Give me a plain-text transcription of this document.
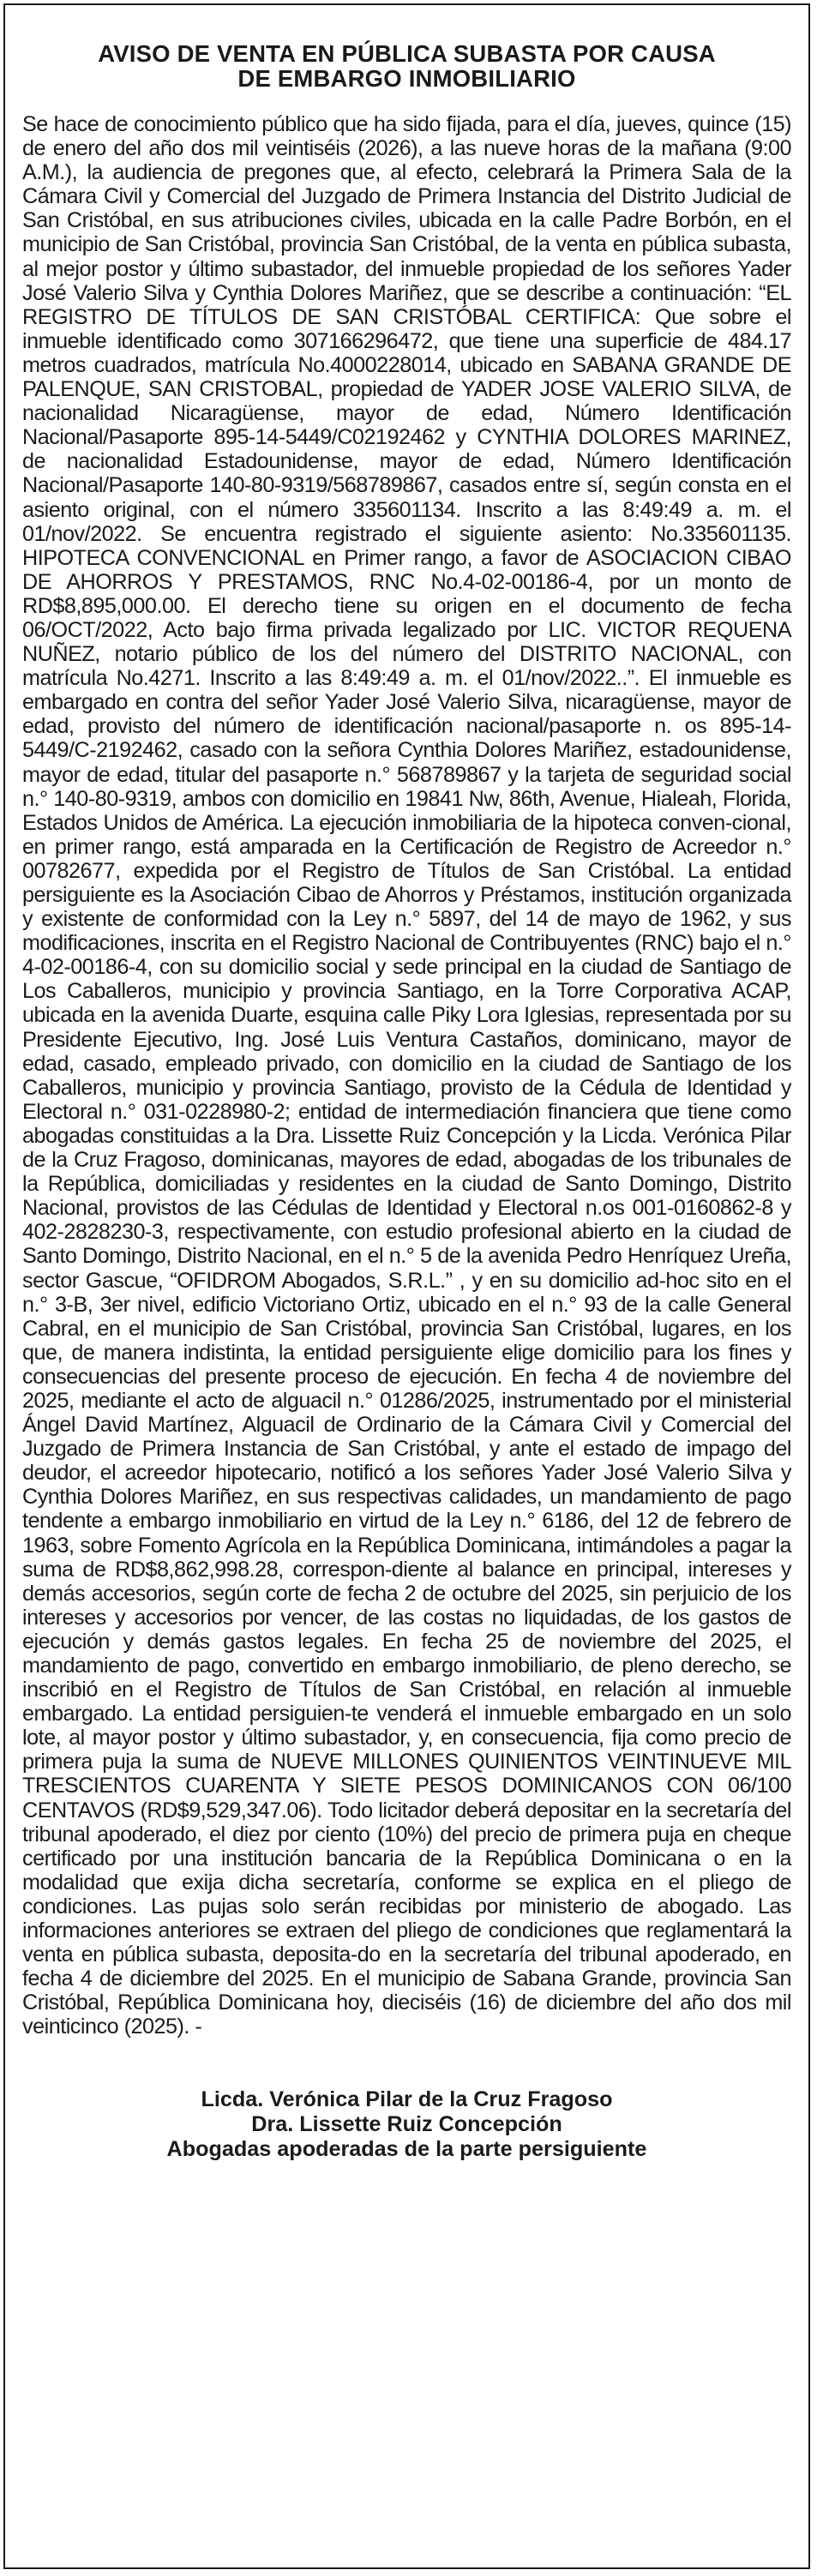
AVISO DE VENTA EN PÚBLICA SUBASTA POR CAUSA
DE EMBARGO INMOBILIARIO

Se hace de conocimiento público que ha sido fijada, para el día, jueves, quince (15) de enero del año dos mil veintiséis (2026), a las nueve horas de la mañana (9:00 A.M.), la audiencia de pregones que, al efecto, celebrará la Primera Sala de la Cámara Civil y Comercial del Juzgado de Primera Instancia del Distrito Judicial de San Cristóbal, en sus atribuciones civiles, ubicada en la calle Padre Borbón, en el municipio de San Cristóbal, provincia San Cristóbal, de la venta en pública subasta, al mejor postor y último subastador, del inmueble propiedad de los señores Yader José Valerio Silva y Cynthia Dolores Mariñez, que se describe a continuación: “EL REGISTRO DE TÍTULOS DE SAN CRISTÓBAL CERTIFICA: Que sobre el inmueble identificado como 307166296472, que tiene una superficie de 484.17 metros cuadrados, matrícula No.4000228014, ubicado en SABANA GRANDE DE PALENQUE, SAN CRISTOBAL, propiedad de YADER JOSE VALERIO SILVA, de nacionalidad Nicaragüense, mayor de edad, Número Identificación Nacional/Pasaporte 895-14-5449/C02192462 y CYNTHIA DOLORES MARINEZ, de nacionalidad Estadounidense, mayor de edad, Número Identificación Nacional/Pasaporte 140-80-9319/568789867, casados entre sí, según consta en el asiento original, con el número 335601134. Inscrito a las 8:49:49 a. m. el 01/nov/2022. Se encuentra registrado el siguiente asiento: No.335601135. HIPOTECA CONVENCIONAL en Primer rango, a favor de ASOCIACION CIBAO DE AHORROS Y PRESTAMOS, RNC No.4-02-00186-4, por un monto de RD$8,895,000.00. El derecho tiene su origen en el documento de fecha 06/OCT/2022, Acto bajo firma privada legalizado por LIC. VICTOR REQUENA NUÑEZ, notario público de los del número del DISTRITO NACIONAL, con matrícula No.4271. Inscrito a las 8:49:49 a. m. el 01/nov/2022..”. El inmueble es embargado en contra del señor Yader José Valerio Silva, nicaragüense, mayor de edad, provisto del número de identificación nacional/pasaporte n. os 895-14-5449/C-2192462, casado con la señora Cynthia Dolores Mariñez, estadounidense, mayor de edad, titular del pasaporte n.° 568789867 y la tarjeta de seguridad social n.° 140-80-9319, ambos con domicilio en 19841 Nw, 86th, Avenue, Hialeah, Florida, Estados Unidos de América. La ejecución inmobiliaria de la hipoteca conven-cional, en primer rango, está amparada en la Certificación de Registro de Acreedor n.° 00782677, expedida por el Registro de Títulos de San Cristóbal. La entidad persiguiente es la Asociación Cibao de Ahorros y Préstamos, institución organizada y existente de conformidad con la Ley n.° 5897, del 14 de mayo de 1962, y sus modificaciones, inscrita en el Registro Nacional de Contribuyentes (RNC) bajo el n.° 4-02-00186-4, con su domicilio social y sede principal en la ciudad de Santiago de Los Caballeros, municipio y provincia Santiago, en la Torre Corporativa ACAP, ubicada en la avenida Duarte, esquina calle Piky Lora Iglesias, representada por su Presidente Ejecutivo, Ing. José Luis Ventura Castaños, dominicano, mayor de edad, casado, empleado privado, con domicilio en la ciudad de Santiago de los Caballeros, municipio y provincia Santiago, provisto de la Cédula de Identidad y Electoral n.° 031-0228980-2; entidad de intermediación financiera que tiene como abogadas constituidas a la Dra. Lissette Ruiz Concepción y la Licda. Verónica Pilar de la Cruz Fragoso, dominicanas, mayores de edad, abogadas de los tribunales de la República, domiciliadas y residentes en la ciudad de Santo Domingo, Distrito Nacional, provistos de las Cédulas de Identidad y Electoral n.os 001-0160862-8 y 402-2828230-3, respectivamente, con estudio profesional abierto en la ciudad de Santo Domingo, Distrito Nacional, en el n.° 5 de la avenida Pedro Henríquez Ureña, sector Gascue, “OFIDROM Abogados, S.R.L.” , y en su domicilio ad-hoc sito en el n.° 3-B, 3er nivel, edificio Victoriano Ortiz, ubicado en el n.° 93 de la calle General Cabral, en el municipio de San Cristóbal, provincia San Cristóbal, lugares, en los que, de manera indistinta, la entidad persiguiente elige domicilio para los fines y consecuencias del presente proceso de ejecución. En fecha 4 de noviembre del 2025, mediante el acto de alguacil n.° 01286/2025, instrumentado por el ministerial Ángel David Martínez, Alguacil de Ordinario de la Cámara Civil y Comercial del Juzgado de Primera Instancia de San Cristóbal, y ante el estado de impago del deudor, el acreedor hipotecario, notificó a los señores Yader José Valerio Silva y Cynthia Dolores Mariñez, en sus respectivas calidades, un mandamiento de pago tendente a embargo inmobiliario en virtud de la Ley n.° 6186, del 12 de febrero de 1963, sobre Fomento Agrícola en la República Dominicana, intimándoles a pagar la suma de RD$8,862,998.28, correspon-diente al balance en principal, intereses y demás accesorios, según corte de fecha 2 de octubre del 2025, sin perjuicio de los intereses y accesorios por vencer, de las costas no liquidadas, de los gastos de ejecución y demás gastos legales. En fecha 25 de noviembre del 2025, el mandamiento de pago, convertido en embargo inmobiliario, de pleno derecho, se inscribió en el Registro de Títulos de San Cristóbal, en relación al inmueble embargado. La entidad persiguien-te venderá el inmueble embargado en un solo lote, al mayor postor y último subastador, y, en consecuencia, fija como precio de primera puja la suma de NUEVE MILLONES QUINIENTOS VEINTINUEVE MIL TRESCIENTOS CUARENTA Y SIETE PESOS DOMINICANOS CON 06/100 CENTAVOS (RD$9,529,347.06). Todo licitador deberá depositar en la secretaría del tribunal apoderado, el diez por ciento (10%) del precio de primera puja en cheque certificado por una institución bancaria de la República Dominicana o en la modalidad que exija dicha secretaría, conforme se explica en el pliego de condiciones. Las pujas solo serán recibidas por ministerio de abogado. Las informaciones anteriores se extraen del pliego de condiciones que reglamentará la venta en pública subasta, deposita-do en la secretaría del tribunal apoderado, en fecha 4 de diciembre del 2025. En el municipio de Sabana Grande, provincia San Cristóbal, República Dominicana hoy, dieciséis (16) de diciembre del año dos mil veinticinco (2025). -

Licda. Verónica Pilar de la Cruz Fragoso
Dra. Lissette Ruiz Concepción
Abogadas apoderadas de la parte persiguiente
